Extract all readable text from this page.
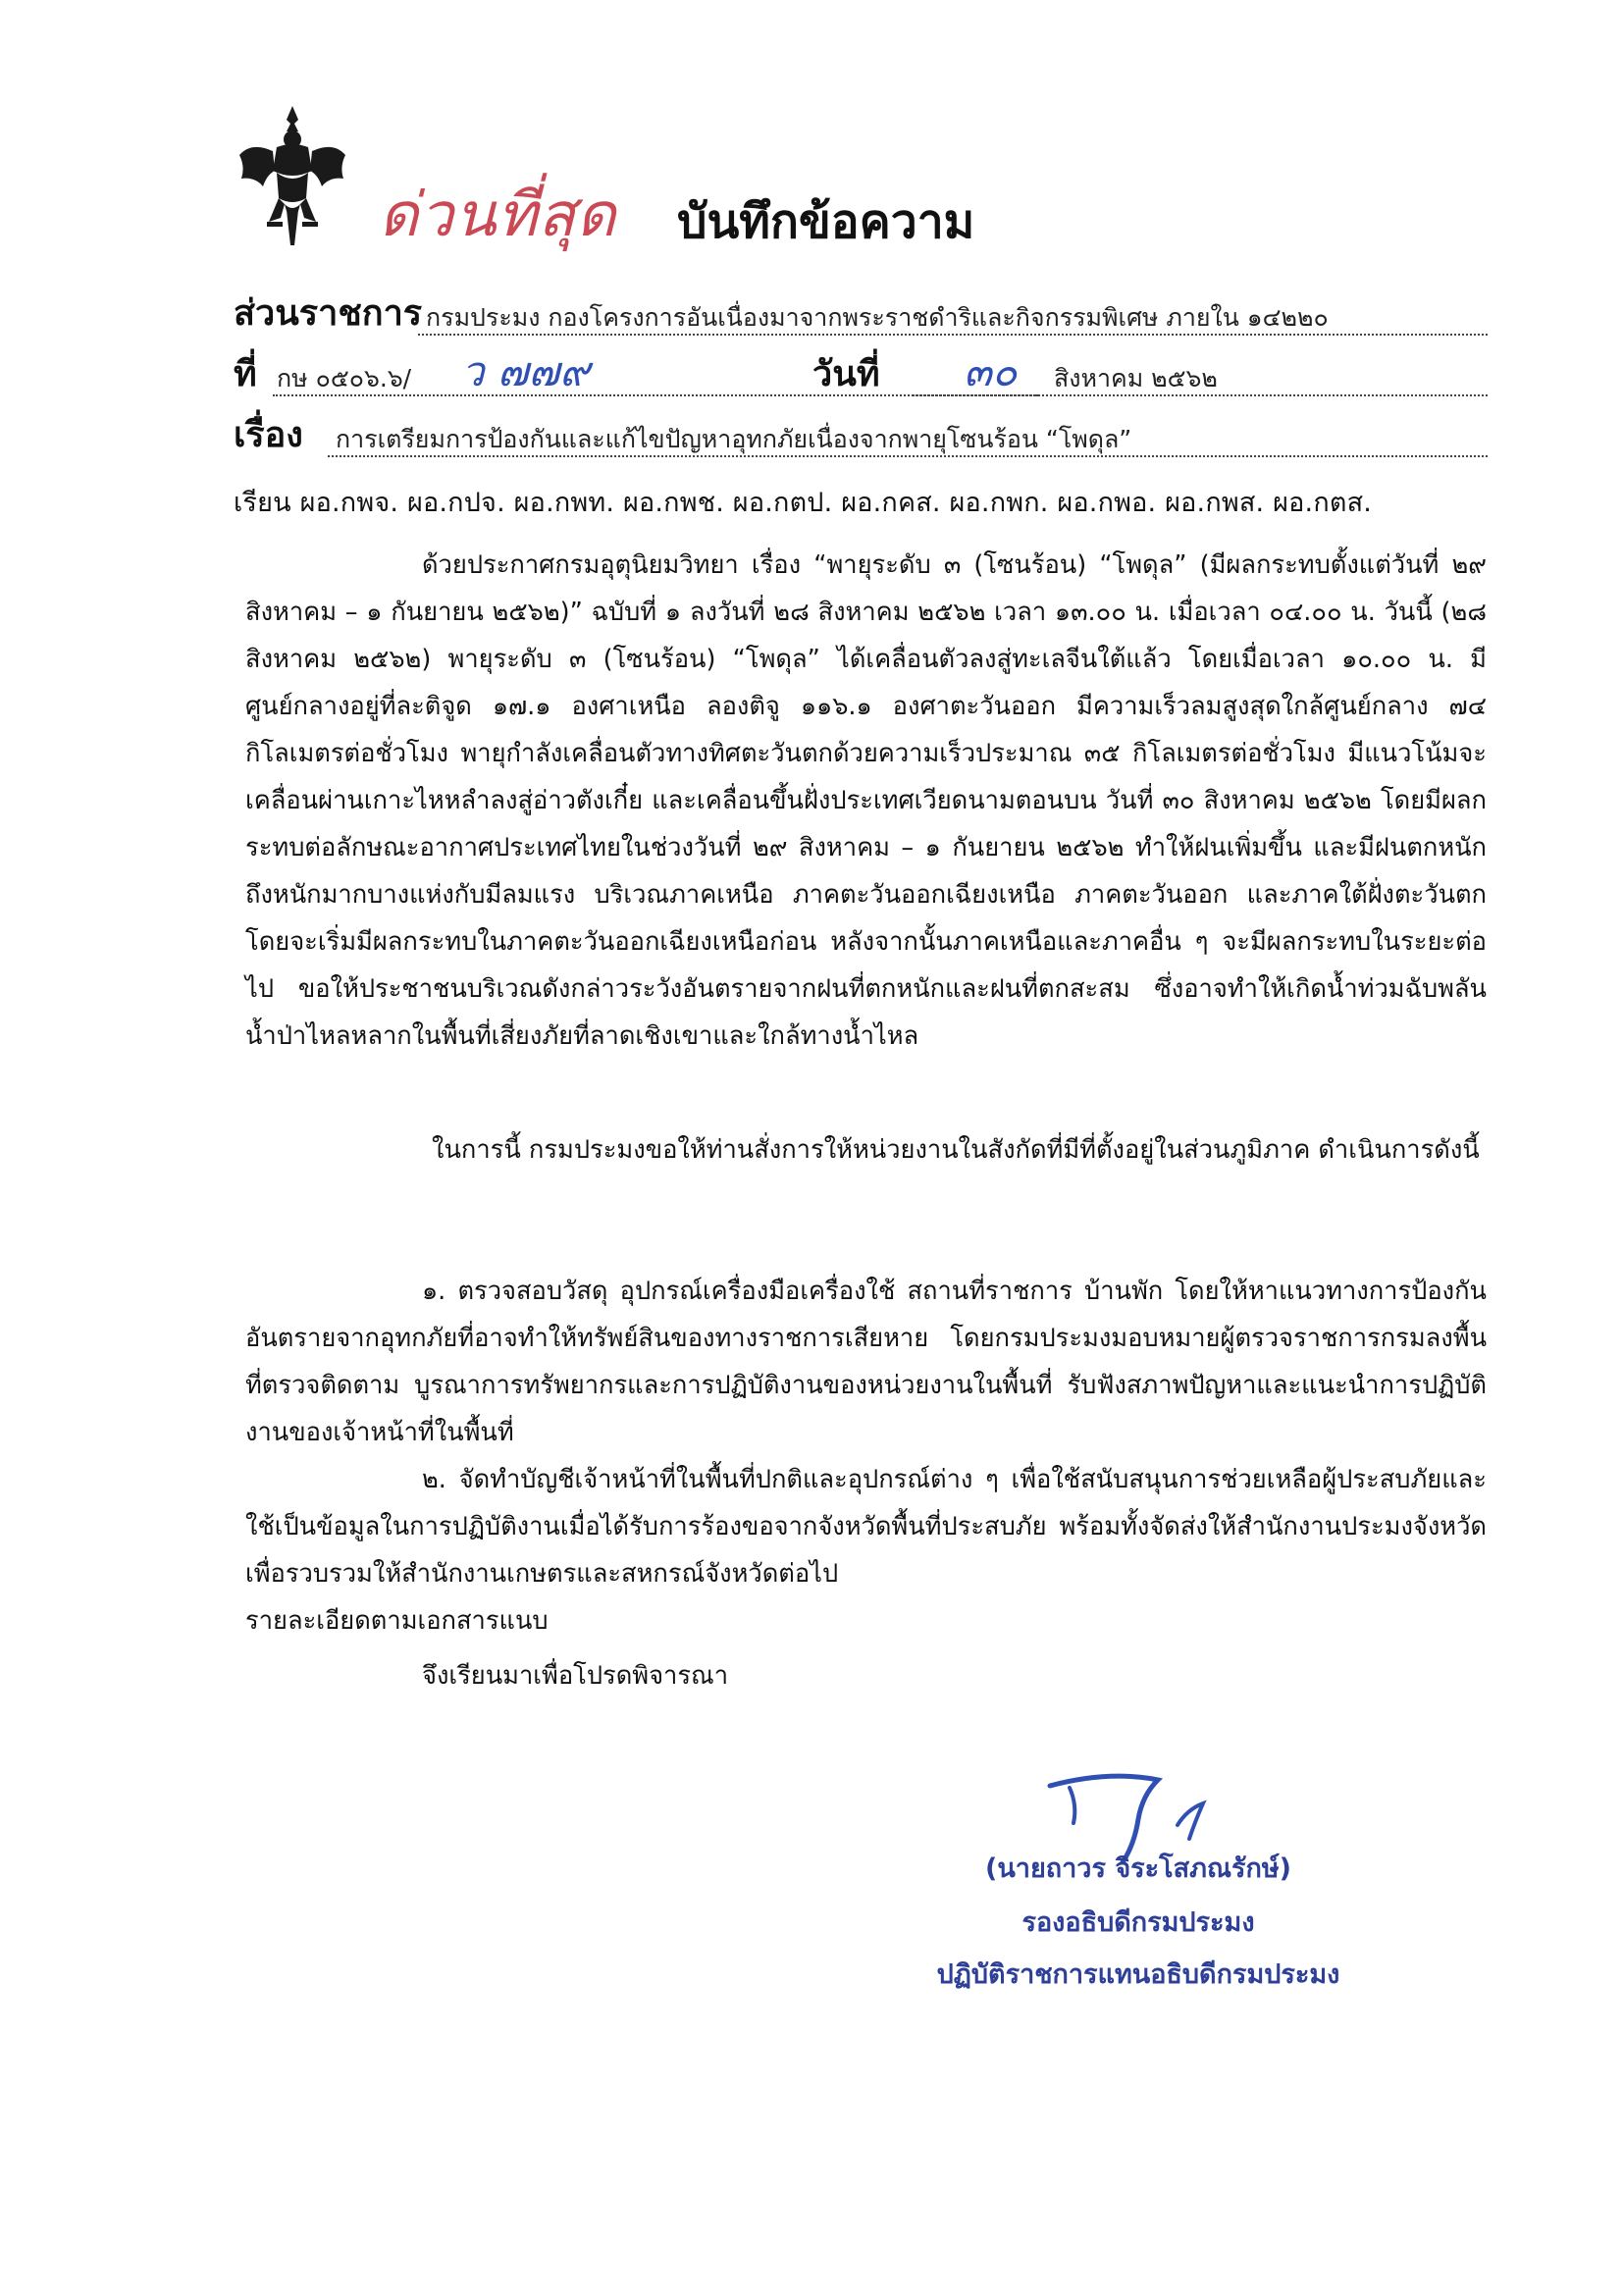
ด่วนที่สุด บันทึกข้อความ
ส่วนราชการ กรมประมง กองโครงการอันเนื่องมาจากพระราชดำริและกิจกรรมพิเศษ ภายใน ๑๔๒๒๐
ที่ กษ ๐๕๐๖.๖/ ว ๗๗๙	วันที่ ๓๐ สิงหาคม ๒๕๖๒
เรื่อง การเตรียมการป้องกันและแก้ไขปัญหาอุทกภัยเนื่องจากพายุโซนร้อน “โพดุล”
เรียน ผอ.กพจ. ผอ.กปจ. ผอ.กพท. ผอ.กพช. ผอ.กตป. ผอ.กคส. ผอ.กพก. ผอ.กพอ. ผอ.กพส. ผอ.กตส.
ด้วยประกาศกรมอุตุนิยมวิทยา เรื่อง “พายุระดับ ๓ (โซนร้อน) “โพดุล” (มีผลกระทบตั้งแต่วันที่ ๒๙ สิงหาคม – ๑ กันยายน ๒๕๖๒)” ฉบับที่ ๑ ลงวันที่ ๒๘ สิงหาคม ๒๕๖๒ เวลา ๑๓.๐๐ น. เมื่อเวลา ๐๔.๐๐ น. วันนี้ (๒๘ สิงหาคม ๒๕๖๒) พายุระดับ ๓ (โซนร้อน) “โพดุล” ได้เคลื่อนตัวลงสู่ทะเลจีนใต้แล้ว โดยเมื่อเวลา ๑๐.๐๐ น. มีศูนย์กลางอยู่ที่ละติจูด ๑๗.๑ องศาเหนือ ลองติจู ๑๑๖.๑ องศาตะวันออก มีความเร็วลมสูงสุดใกล้ศูนย์กลาง ๗๔ กิโลเมตรต่อชั่วโมง พายุกำลังเคลื่อนตัวทางทิศตะวันตกด้วยความเร็วประมาณ ๓๕ กิโลเมตรต่อชั่วโมง มีแนวโน้มจะเคลื่อนผ่านเกาะไหหลำลงสู่อ่าวตังเกี๋ย และเคลื่อนขึ้นฝั่งประเทศเวียดนามตอนบน วันที่ ๓๐ สิงหาคม ๒๕๖๒ โดยมีผลกระทบต่อลักษณะอากาศประเทศไทยในช่วงวันที่ ๒๙ สิงหาคม – ๑ กันยายน ๒๕๖๒ ทำให้ฝนเพิ่มขึ้น และมีฝนตกหนักถึงหนักมากบางแห่งกับมีลมแรง บริเวณภาคเหนือ ภาคตะวันออกเฉียงเหนือ ภาคตะวันออก และภาคใต้ฝั่งตะวันตก โดยจะเริ่มมีผลกระทบในภาคตะวันออกเฉียงเหนือก่อน หลังจากนั้นภาคเหนือและภาคอื่น ๆ จะมีผลกระทบในระยะต่อไป ขอให้ประชาชนบริเวณดังกล่าวระวังอันตรายจากฝนที่ตกหนักและฝนที่ตกสะสม ซึ่งอาจทำให้เกิดน้ำท่วมฉับพลัน น้ำป่าไหลหลากในพื้นที่เสี่ยงภัยที่ลาดเชิงเขาและใกล้ทางน้ำไหล
ในการนี้ กรมประมงขอให้ท่านสั่งการให้หน่วยงานในสังกัดที่มีที่ตั้งอยู่ในส่วนภูมิภาค ดำเนินการดังนี้
๑. ตรวจสอบวัสดุ อุปกรณ์เครื่องมือเครื่องใช้ สถานที่ราชการ บ้านพัก โดยให้หาแนวทางการป้องกันอันตรายจากอุทกภัยที่อาจทำให้ทรัพย์สินของทางราชการเสียหาย โดยกรมประมงมอบหมายผู้ตรวจราชการกรมลงพื้นที่ตรวจติดตาม บูรณาการทรัพยากรและการปฏิบัติงานของหน่วยงานในพื้นที่ รับฟังสภาพปัญหาและแนะนำการปฏิบัติงานของเจ้าหน้าที่ในพื้นที่
๒. จัดทำบัญชีเจ้าหน้าที่ในพื้นที่ปกติและอุปกรณ์ต่าง ๆ เพื่อใช้สนับสนุนการช่วยเหลือผู้ประสบภัยและใช้เป็นข้อมูลในการปฏิบัติงานเมื่อได้รับการร้องขอจากจังหวัดพื้นที่ประสบภัย พร้อมทั้งจัดส่งให้สำนักงานประมงจังหวัดเพื่อรวบรวมให้สำนักงานเกษตรและสหกรณ์จังหวัดต่อไป
รายละเอียดตามเอกสารแนบ
จึงเรียนมาเพื่อโปรดพิจารณา
(นายถาวร จิระโสภณรักษ์)
รองอธิบดีกรมประมง
ปฏิบัติราชการแทนอธิบดีกรมประมง
